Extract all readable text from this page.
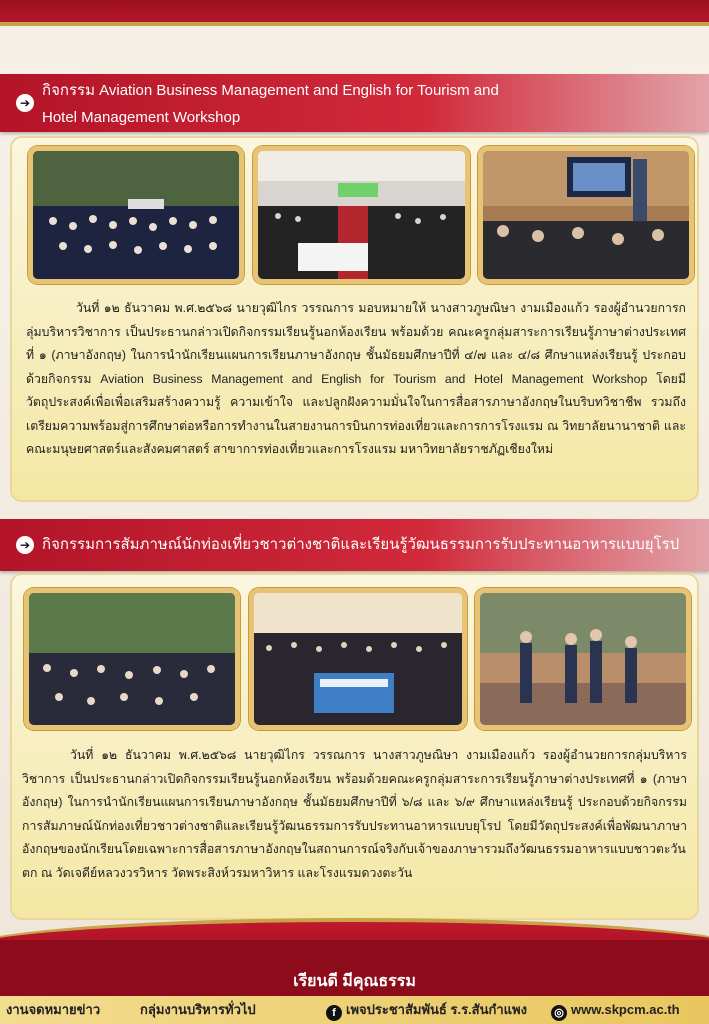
➔
กิจกรรม Aviation Business Management and English for Tourism and
Hotel Management Workshop

วันที่ ๑๒ ธันวาคม พ.ศ.๒๕๖๘ นายวุฒิไกร วรรณการ มอบหมายให้ นางสาวภูษณิษา งามเมืองแก้ว รองผู้อำนวยการกลุ่มบริหารวิชาการ เป็นประธานกล่าวเปิดกิจกรรมเรียนรู้นอกห้องเรียน พร้อมด้วย คณะครูกลุ่มสาระการเรียนรู้ภาษาต่างประเทศที่ ๑ (ภาษาอังกฤษ) ในการนำนักเรียนแผนการเรียนภาษาอังกฤษ ชั้นมัธยมศึกษาปีที่ ๔/๗ และ ๔/๘ ศึกษาแหล่งเรียนรู้ ประกอบด้วยกิจกรรม Aviation Business Management and English for Tourism and Hotel Management Workshop โดยมีวัตถุประสงค์เพื่อเพื่อเสริมสร้างความรู้ ความเข้าใจ และปลูกฝังความมั่นใจในการสื่อสารภาษาอังกฤษในบริบทวิชาชีพ รวมถึงเตรียมความพร้อมสู่การศึกษาต่อหรือการทำงานในสายงานการบินการท่องเที่ยวและการการโรงแรม ณ วิทยาลัยนานาชาติ และคณะมนุษยศาสตร์และสังคมศาสตร์ สาขาการท่องเที่ยวและการโรงแรม มหาวิทยาลัยราชภัฏเชียงใหม่

➔ กิจกรรมการสัมภาษณ์นักท่องเที่ยวชาวต่างชาติและเรียนรู้วัฒนธรรมการรับประทานอาหารแบบยุโรป

วันที่ ๑๒ ธันวาคม พ.ศ.๒๕๖๘ นายวุฒิไกร วรรณการ นางสาวภูษณิษา งามเมืองแก้ว รองผู้อำนวยการกลุ่มบริหารวิชาการ เป็นประธานกล่าวเปิดกิจกรรมเรียนรู้นอกห้องเรียน พร้อมด้วยคณะครูกลุ่มสาระการเรียนรู้ภาษาต่างประเทศที่ ๑ (ภาษาอังกฤษ) ในการนำนักเรียนแผนการเรียนภาษาอังกฤษ ชั้นมัธยมศึกษาปีที่ ๖/๘ และ ๖/๙ ศึกษาแหล่งเรียนรู้ ประกอบด้วยกิจกรรมการสัมภาษณ์นักท่องเที่ยวชาวต่างชาติและเรียนรู้วัฒนธรรมการรับประทานอาหารแบบยุโรป โดยมีวัตถุประสงค์เพื่อพัฒนาภาษาอังกฤษของนักเรียนโดยเฉพาะการสื่อสารภาษาอังกฤษในสถานการณ์จริงกับเจ้าของภาษารวมถึงวัฒนธรรมอาหารแบบชาวตะวันตก ณ วัดเจดีย์หลวงวรวิหาร วัดพระสิงห์วรมหาวิหาร และโรงแรมดวงตะวัน

เรียนดี มีคุณธรรม
งานจดหมายข่าว	กลุ่มงานบริหารทั่วไป	f เพจประชาสัมพันธ์ ร.ร.สันกำแพง ◎ www.skpcm.ac.th
